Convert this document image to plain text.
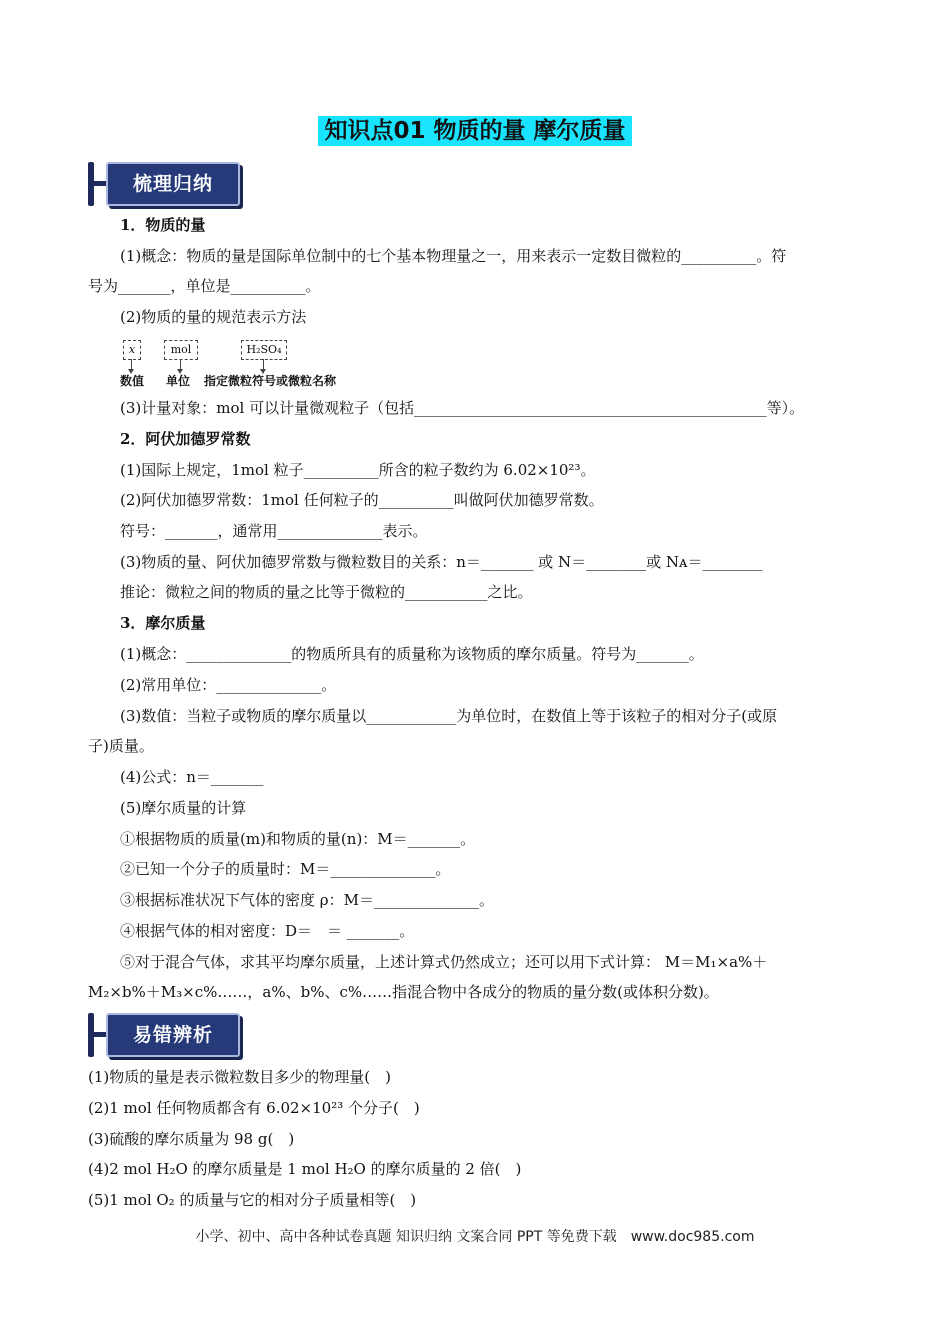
知识点01 物质的量 摩尔质量
梳理归纳
1．物质的量
(1)概念：物质的量是国际单位制中的七个基本物理量之一，用来表示一定数目微粒的__________。符
号为_______，单位是__________。
(2)物质的量的规范表示方法
x	mol	H₂SO₄
数值 单位 指定微粒符号或微粒名称
(3)计量对象：mol 可以计量微观粒子（包括_______________________________________________等）。
2．阿伏加德罗常数
(1)国际上规定，1mol 粒子__________所含的粒子数约为 6.02×10²³。
(2)阿伏加德罗常数：1mol 任何粒子的__________叫做阿伏加德罗常数。
符号：_______，通常用______________表示。
(3)物质的量、阿伏加德罗常数与微粒数目的关系：n＝_______ 或 N＝________或 Nᴀ＝________
推论：微粒之间的物质的量之比等于微粒的___________之比。
3．摩尔质量
(1)概念：______________的物质所具有的质量称为该物质的摩尔质量。符号为_______。
(2)常用单位：______________。
(3)数值：当粒子或物质的摩尔质量以____________为单位时，在数值上等于该粒子的相对分子(或原
子)质量。
(4)公式：n＝_______
(5)摩尔质量的计算
①根据物质的质量(m)和物质的量(n)：M＝_______。
②已知一个分子的质量时：M＝______________。
③根据标准状况下气体的密度 ρ：M＝______________。
④根据气体的相对密度：D＝　＝ _______。
⑤对于混合气体，求其平均摩尔质量，上述计算式仍然成立；还可以用下式计算： M＝M₁×a%＋
M₂×b%＋M₃×c%……，a%、b%、c%……指混合物中各成分的物质的量分数(或体积分数)。
易错辨析
(1)物质的量是表示微粒数目多少的物理量(　)
(2)1 mol 任何物质都含有 6.02×10²³ 个分子(　)
(3)硫酸的摩尔质量为 98 g(　)
(4)2 mol H₂O 的摩尔质量是 1 mol H₂O 的摩尔质量的 2 倍(　)
(5)1 mol O₂ 的质量与它的相对分子质量相等(　)
小学、初中、高中各种试卷真题 知识归纳 文案合同 PPT 等免费下载　www.doc985.com
